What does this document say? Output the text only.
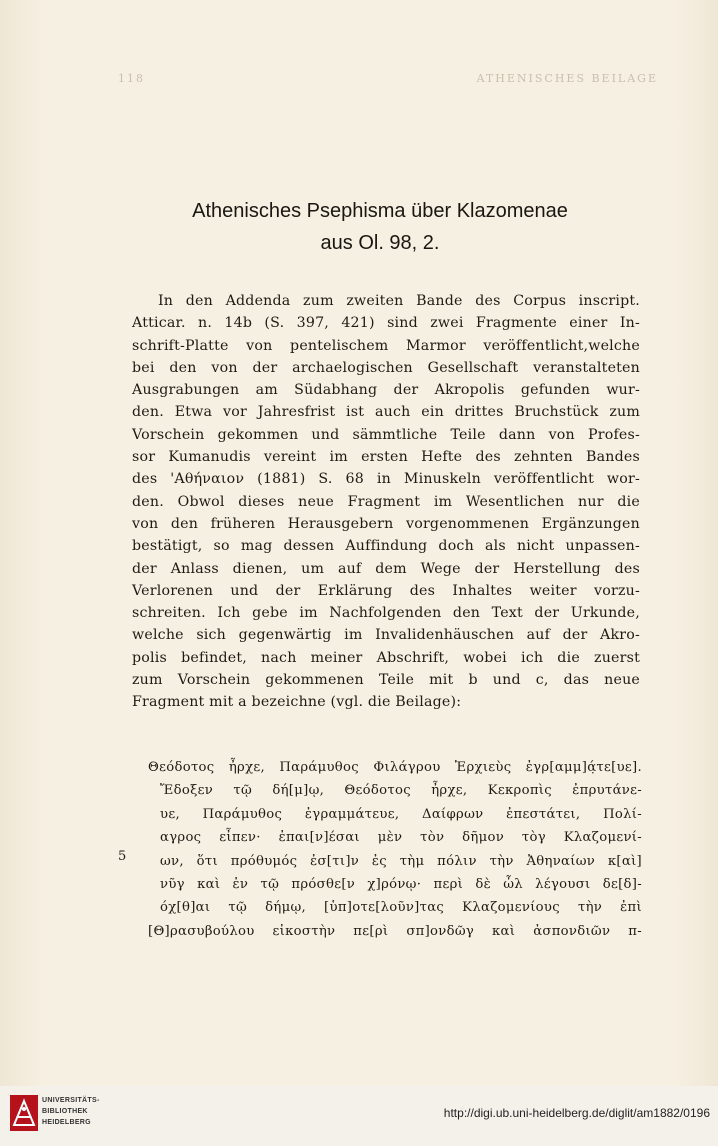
118	ATHENISCHES BEILAGE
Athenisches Psephisma über Klazomenae
aus Ol. 98, 2.
In den Addenda zum zweiten Bande des Corpus inscript.
Atticar. n. 14b (S. 397, 421) sind zwei Fragmente einer In-
schrift-Platte von pentelischem Marmor veröffentlicht,welche
bei den von der archaelogischen Gesellschaft veranstalteten
Ausgrabungen am Südabhang der Akropolis gefunden wur-
den. Etwa vor Jahresfrist ist auch ein drittes Bruchstück zum
Vorschein gekommen und sämmtliche Teile dann von Profes-
sor Kumanudis vereint im ersten Hefte des zehnten Bandes
des 'Αθήναιον (1881) S. 68 in Minuskeln veröffentlicht wor-
den. Obwol dieses neue Fragment im Wesentlichen nur die
von den früheren Herausgebern vorgenommenen Ergänzungen
bestätigt, so mag dessen Auffindung doch als nicht unpassen-
der Anlass dienen, um auf dem Wege der Herstellung des
Verlorenen und der Erklärung des Inhaltes weiter vorzu-
schreiten. Ich gebe im Nachfolgenden den Text der Urkunde,
welche sich gegenwärtig im Invalidenhäuschen auf der Akro-
polis befindet, nach meiner Abschrift, wobei ich die zuerst
zum Vorschein gekommenen Teile mit b und c, das neue
Fragment mit a bezeichne (vgl. die Beilage):
Θεόδοτος ἦρχε, Παράμυθος Φιλάγρου Ἐρχιεὺς ἐγρ[αμμ]ά̣τε[υε].
Ἔδοξεν τῷ δή[μ]ῳ, Θεόδοτος ἦρχε, Κεκροπὶς ἐπρυτάνε-
υε, Παράμυθος ἐγραμμάτευε, Δαίφρων ἐπεστάτει, Πολί-
αγρος εἶπεν· ἐπαι[ν]έσαι μὲν τὸν δῆμον τὸγ Κλαζομενί-
ων, ὅτι πρόθυμός ἐσ[τι]ν ἐς τὴμ πόλιν τὴν Ἀθηναίων κ[αὶ]
νῦγ καὶ ἐν τῷ πρόσθε[ν χ]ρόνῳ· περὶ δὲ ὧλ λέγουσι δε[δ]-
όχ[θ]αι τῷ δήμῳ, [ὑπ]οτε[λοῦν]τας Κλαζομενίους τὴν ἐπὶ
[Θ]ρασυβούλου εἰκοστὴν πε[ρὶ σπ]ονδῶγ καὶ ἀσπονδιῶν π-
5
UNIVERSITÄTS-
BIBLIOTHEK
HEIDELBERG
http://digi.ub.uni-heidelberg.de/diglit/am1882/0196
